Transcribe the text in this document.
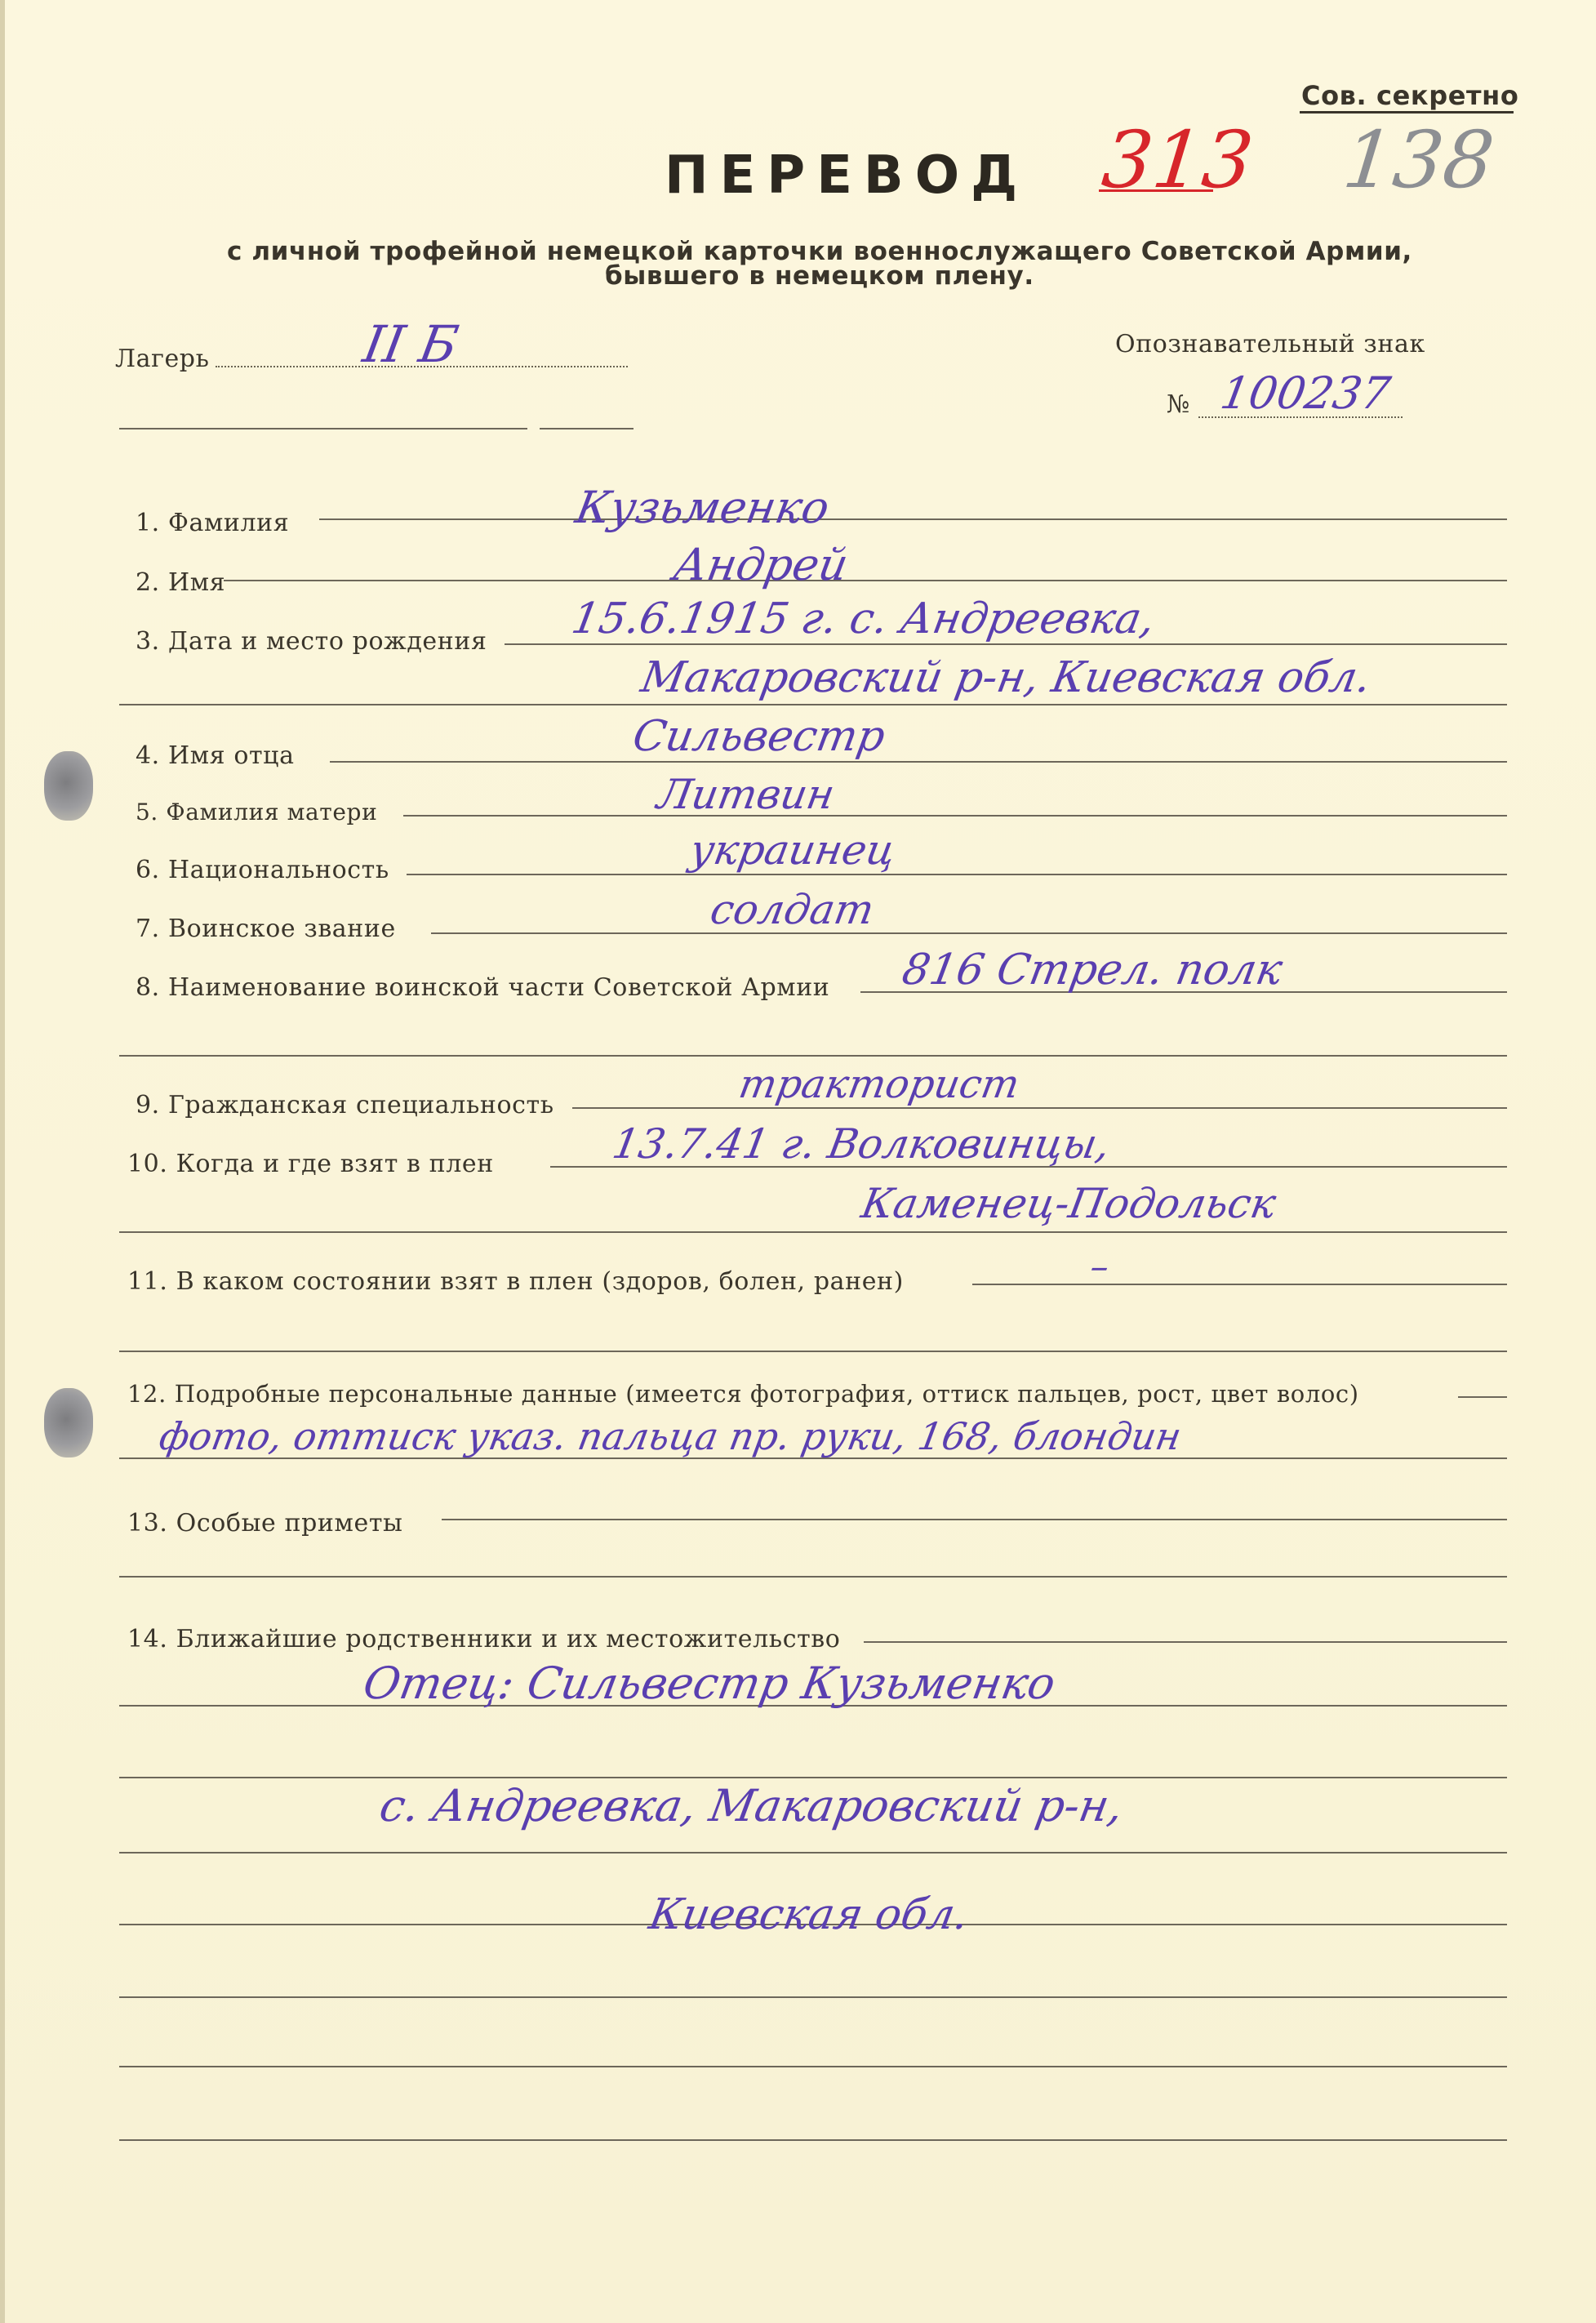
Сов. секретно
313 138
ПЕРЕВОД
с личной трофейной немецкой карточки военнослужащего Советской Армии,
бывшего в немецком плену.
Лагерь	II Б	Опознавательный знак
№ 100237
1. Фамилия	Кузьменко
2. Имя	Андрей
3. Дата и место рождения 15.6.1915 г. с. Андреевка,
Макаровский р-н, Киевская обл.
4. Имя отца	Сильвестр
5. Фамилия матери	Литвин
6. Национальность	украинец
7. Воинское звание	солдат
8. Наименование воинской части Советской Армии 816 Стрел. полк
9. Гражданская специальность	тракторист
10. Когда и где взят в плен	13.7.41 г. Волковинцы,
Каменец-Подольск
11. В каком состоянии взят в плен (здоров, болен, ранен)	–
12. Подробные персональные данные (имеется фотография, оттиск пальцев, рост, цвет волос)
фото, оттиск указ. пальца пр. руки, 168, блондин
13. Особые приметы
14. Ближайшие родственники и их местожительство
Отец: Сильвестр Кузьменко
с. Андреевка, Макаровский р-н,
Киевская обл.
